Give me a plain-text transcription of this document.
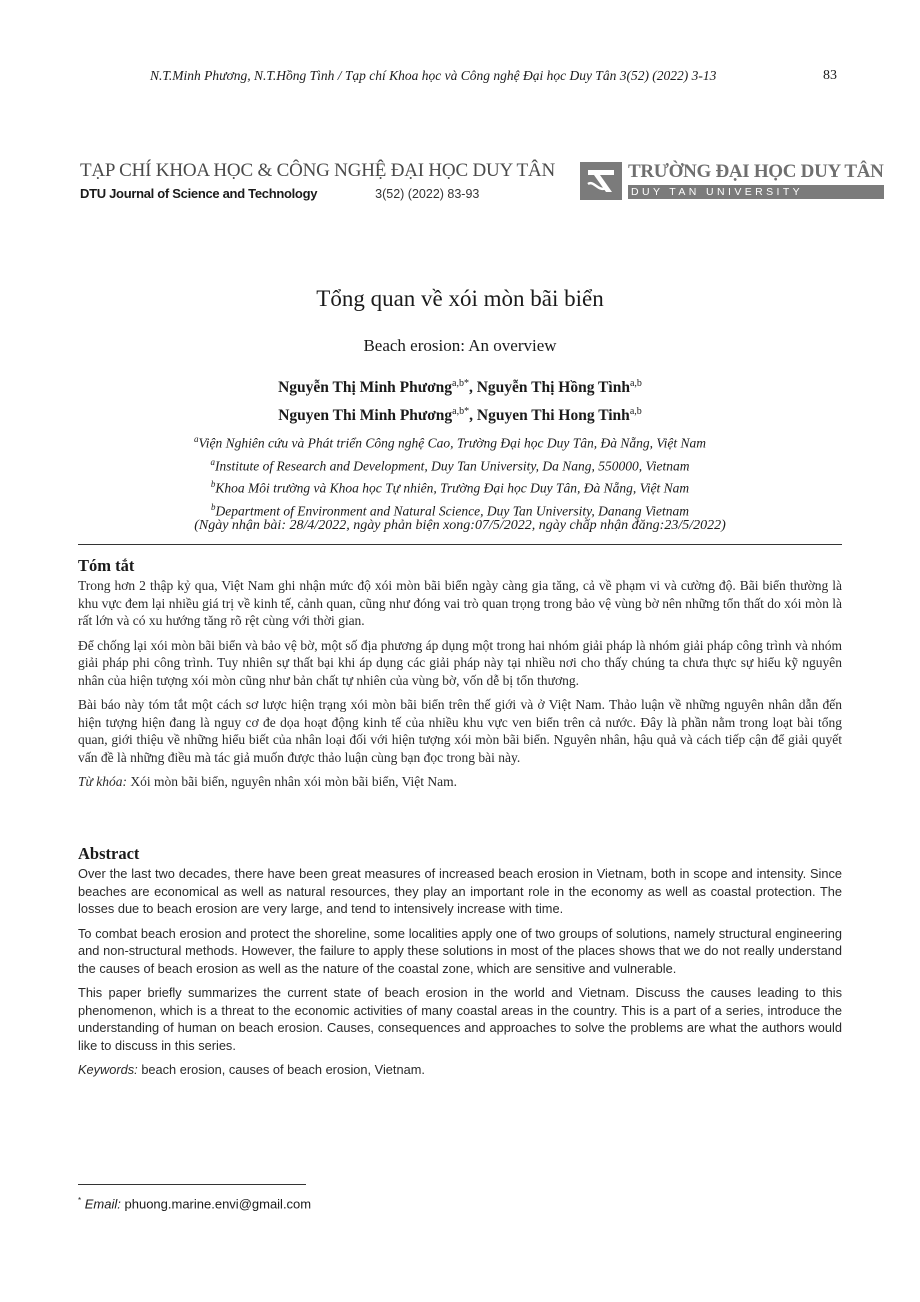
N.T.Minh Phương, N.T.Hồng Tình / Tạp chí Khoa học và Công nghệ Đại học Duy Tân 3(52) (2022) 3-13	83
TẠP CHÍ KHOA HỌC & CÔNG NGHỆ ĐẠI HỌC DUY TÂN
DTU Journal of Science and Technology	3(52) (2022) 83-93
TRƯỜNG ĐẠI HỌC DUY TÂN
DUY TAN UNIVERSITY
Tổng quan về xói mòn bãi biển
Beach erosion: An overview
Nguyễn Thị Minh Phương$^{a,b*}$, Nguyễn Thị Hồng Tình$^{a,b}$
Nguyen Thi Minh Phương$^{a,b*}$, Nguyen Thi Hong Tinh$^{a,b}$
$^a$Viện Nghiên cứu và Phát triển Công nghệ Cao, Trường Đại học Duy Tân, Đà Nẵng, Việt Nam
$^a$Institute of Research and Development, Duy Tan University, Da Nang, 550000, Vietnam
$^b$Khoa Môi trường và Khoa học Tự nhiên, Trường Đại học Duy Tân, Đà Nẵng, Việt Nam
$^b$Department of Environment and Natural Science, Duy Tan University, Danang Vietnam
(Ngày nhận bài: 28/4/2022, ngày phản biện xong:07/5/2022, ngày chấp nhận đăng:23/5/2022)
Tóm tắt

Trong hơn 2 thập kỷ qua, Việt Nam ghi nhận mức độ xói mòn bãi biển ngày càng gia tăng, cả về phạm vi và cường độ. Bãi biển thường là khu vực đem lại nhiều giá trị về kinh tế, cảnh quan, cũng như đóng vai trò quan trọng trong bảo vệ vùng bờ nên những tổn thất do xói mòn là rất lớn và có xu hướng tăng rõ rệt cùng với thời gian.

Để chống lại xói mòn bãi biển và bảo vệ bờ, một số địa phương áp dụng một trong hai nhóm giải pháp là nhóm giải pháp công trình và nhóm giải pháp phi công trình. Tuy nhiên sự thất bại khi áp dụng các giải pháp này tại nhiều nơi cho thấy chúng ta chưa thực sự hiểu kỹ nguyên nhân của hiện tượng xói mòn cũng như bản chất tự nhiên của vùng bờ, vốn dễ bị tổn thương.

Bài báo này tóm tắt một cách sơ lược hiện trạng xói mòn bãi biển trên thế giới và ở Việt Nam. Thảo luận về những nguyên nhân dẫn đến hiện tượng hiện đang là nguy cơ đe dọa hoạt động kinh tế của nhiều khu vực ven biển trên cả nước. Đây là phần nằm trong loạt bài tổng quan, giới thiệu về những hiểu biết của nhân loại đối với hiện tượng xói mòn bãi biển. Nguyên nhân, hậu quả và cách tiếp cận để giải quyết vấn đề là những điều mà tác giả muốn được thảo luận cùng bạn đọc trong bài này.

Từ khóa: Xói mòn bãi biển, nguyên nhân xói mòn bãi biển, Việt Nam.

Abstract

Over the last two decades, there have been great measures of increased beach erosion in Vietnam, both in scope and intensity. Since beaches are economical as well as natural resources, they play an important role in the economy as well as coastal protection. The losses due to beach erosion are very large, and tend to intensively increase with time.

To combat beach erosion and protect the shoreline, some localities apply one of two groups of solutions, namely structural engineering and non-structural methods. However, the failure to apply these solutions in most of the places shows that we do not really understand the causes of beach erosion as well as the nature of the coastal zone, which are sensitive and vulnerable.

This paper briefly summarizes the current state of beach erosion in the world and Vietnam. Discuss the causes leading to this phenomenon, which is a threat to the economic activities of many coastal areas in the country. This is a part of a series, introduce the understanding of human on beach erosion. Causes, consequences and approaches to solve the problems are what the authors would like to discuss in this series.

Keywords: beach erosion, causes of beach erosion, Vietnam.

* Email: phuong.marine.envi@gmail.com
